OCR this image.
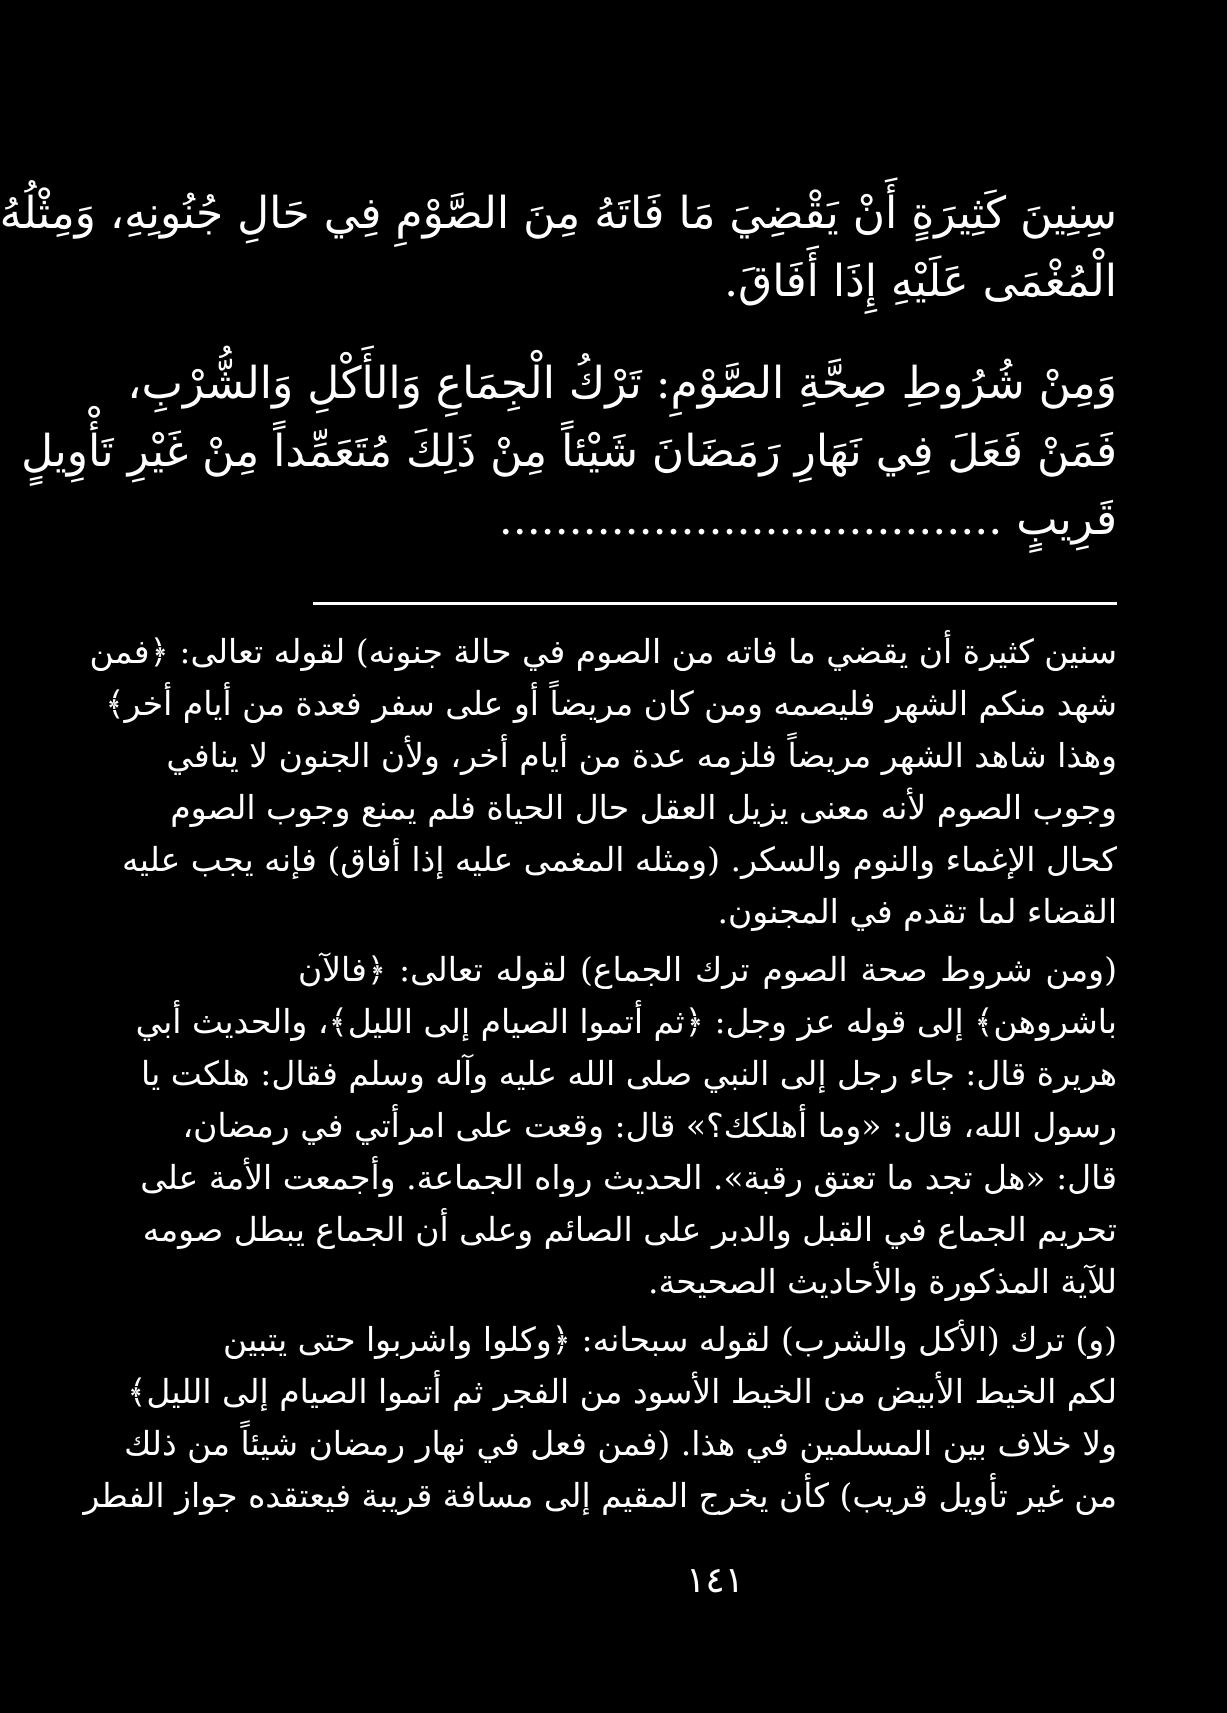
سِنِينَ كَثِيرَةٍ أَنْ يَقْضِيَ مَا فَاتَهُ مِنَ الصَّوْمِ فِي حَالِ جُنُونِهِ، وَمِثْلُهُ
الْمُغْمَى عَلَيْهِ إِذَا أَفَاقَ.
وَمِنْ شُرُوطِ صِحَّةِ الصَّوْمِ: تَرْكُ الْجِمَاعِ وَالأَكْلِ وَالشُّرْبِ،
فَمَنْ فَعَلَ فِي نَهَارِ رَمَضَانَ شَيْئاً مِنْ ذَلِكَ مُتَعَمِّداً مِنْ غَيْرِ تَأْوِيلٍ
قَرِيبٍ ....................................
سنين كثيرة أن يقضي ما فاته من الصوم في حالة جنونه) لقوله تعالى: ﴿فمن
شهد منكم الشهر فليصمه ومن كان مريضاً أو على سفر فعدة من أيام أخر﴾
وهذا شاهد الشهر مريضاً فلزمه عدة من أيام أخر، ولأن الجنون لا ينافي
وجوب الصوم لأنه معنى يزيل العقل حال الحياة فلم يمنع وجوب الصوم
كحال الإغماء والنوم والسكر. (ومثله المغمى عليه إذا أفاق) فإنه يجب عليه
القضاء لما تقدم في المجنون.
(ومن شروط صحة الصوم ترك الجماع) لقوله تعالى: ﴿فالآن
باشروهن﴾ إلى قوله عز وجل: ﴿ثم أتموا الصيام إلى الليل﴾، والحديث أبي
هريرة قال: جاء رجل إلى النبي صلى الله عليه وآله وسلم فقال: هلكت يا
رسول الله، قال: «وما أهلكك؟» قال: وقعت على امرأتي في رمضان،
قال: «هل تجد ما تعتق رقبة». الحديث رواه الجماعة. وأجمعت الأمة على
تحريم الجماع في القبل والدبر على الصائم وعلى أن الجماع يبطل صومه
للآية المذكورة والأحاديث الصحيحة.
(و) ترك (الأكل والشرب) لقوله سبحانه: ﴿وكلوا واشربوا حتى يتبين
لكم الخيط الأبيض من الخيط الأسود من الفجر ثم أتموا الصيام إلى الليل﴾
ولا خلاف بين المسلمين في هذا. (فمن فعل في نهار رمضان شيئاً من ذلك
من غير تأويل قريب) كأن يخرج المقيم إلى مسافة قريبة فيعتقده جواز الفطر
١٤١
